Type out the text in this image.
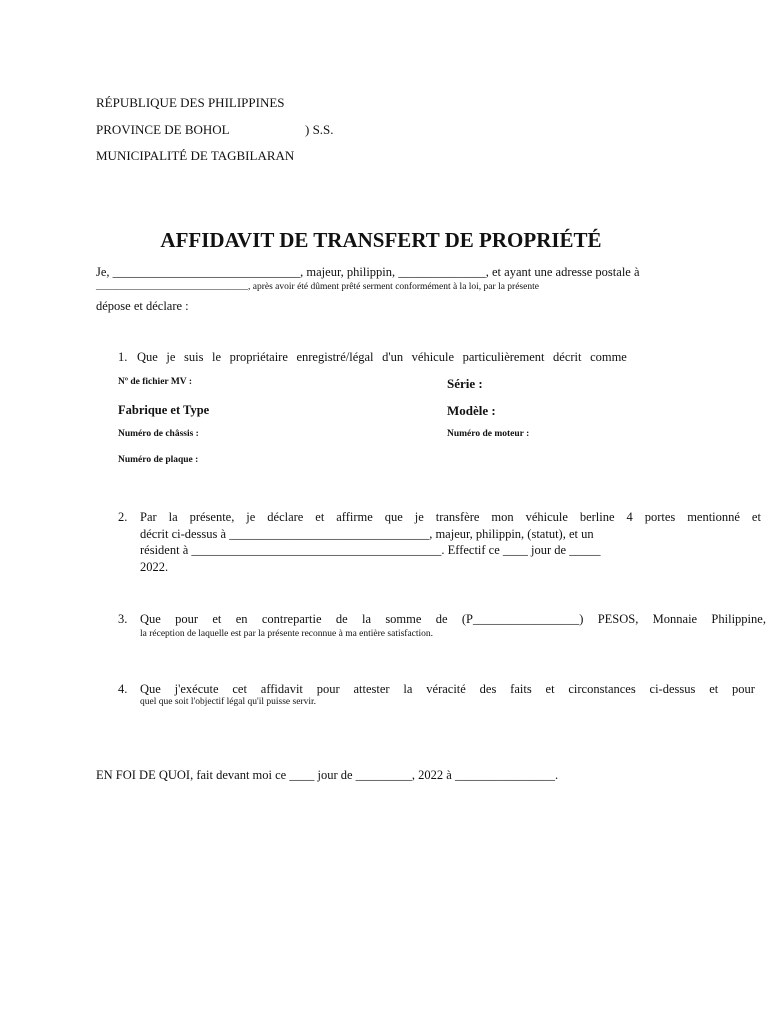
RÉPUBLIQUE DES PHILIPPINES

PROVINCE DE BOHOL	) S.S.

MUNICIPALITÉ DE TAGBILARAN

AFFIDAVIT DE TRANSFERT DE PROPRIÉTÉ

Je, ______________________________, majeur, philippin, ______________, et ayant une adresse postale à

________________________________, après avoir été dûment prêté serment conformément à la loi, par la présente

dépose et déclare :

1. Que je suis le propriétaire enregistré/légal d'un véhicule particulièrement décrit comme

Nº de fichier MV :	Série :

Fabrique et Type	Modèle :

Numéro de châssis :	Numéro de moteur :

Numéro de plaque :

2. Par la présente, je déclare et affirme que je transfère mon véhicule berline 4 portes mentionné et

décrit ci-dessus à ________________________________, majeur, philippin, (statut), et un

résident à ________________________________________. Effectif ce ____ jour de _____

2022.

3. Que pour et en contrepartie de la somme de (P_________________) PESOS, Monnaie Philippine,

la réception de laquelle est par la présente reconnue à ma entière satisfaction.

4. Que j'exécute cet affidavit pour attester la véracité des faits et circonstances ci-dessus et pour

quel que soit l'objectif légal qu'il puisse servir.

EN FOI DE QUOI, fait devant moi ce ____ jour de _________, 2022 à ________________.
